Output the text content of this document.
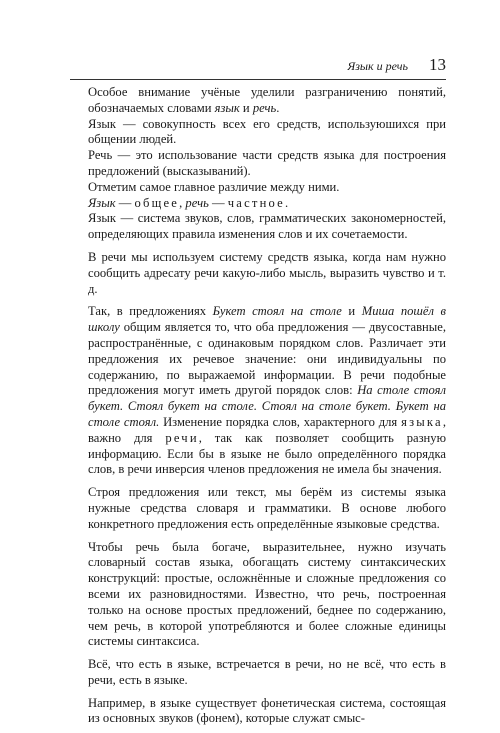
Язык и речь 13

Особое внимание учёные уделили разграничению понятий, обозначаемых словами язык и речь.

Язык — совокупность всех его средств, используюшихся при общении людей.

Речь — это использование части средств языка для построения предложений (высказываний).

Отметим самое главное различие между ними.

Язык — общее, речь — частное.

Язык — система звуков, слов, грамматических закономерностей, определяющих правила изменения слов и их сочетаемости.

В речи мы используем систему средств языка, когда нам нужно сообщить адресату речи какую-либо мысль, выразить чувство и т. д.

Так, в предложениях Букет стоял на столе и Миша пошёл в школу общим является то, что оба предложения — двусоставные, распространённые, с одинаковым порядком слов. Различает эти предложения их речевое значение: они индивидуальны по содержанию, по выражаемой информации. В речи подобные предложения могут иметь другой порядок слов: На столе стоял букет. Стоял букет на столе. Стоял на столе букет. Букет на столе стоял. Изменение порядка слов, характерного для языка, важно для речи, так как позволяет сообщить разную информацию. Если бы в языке не было определённого порядка слов, в речи инверсия членов предложения не имела бы значения.

Строя предложения или текст, мы берём из системы языка нужные средства словаря и грамматики. В основе любого конкретного предложения есть определённые языковые средства.

Чтобы речь была богаче, выразительнее, нужно изучать словарный состав языка, обогащать систему синтаксических конструкций: простые, осложнённые и сложные предложения со всеми их разновидностями. Известно, что речь, построенная только на основе простых предложений, беднее по содержанию, чем речь, в которой употребляются и более сложные единицы системы синтаксиса.

Всё, что есть в языке, встречается в речи, но не всё, что есть в речи, есть в языке.

Например, в языке существует фонетическая система, состоящая из основных звуков (фонем), которые служат смыс-
